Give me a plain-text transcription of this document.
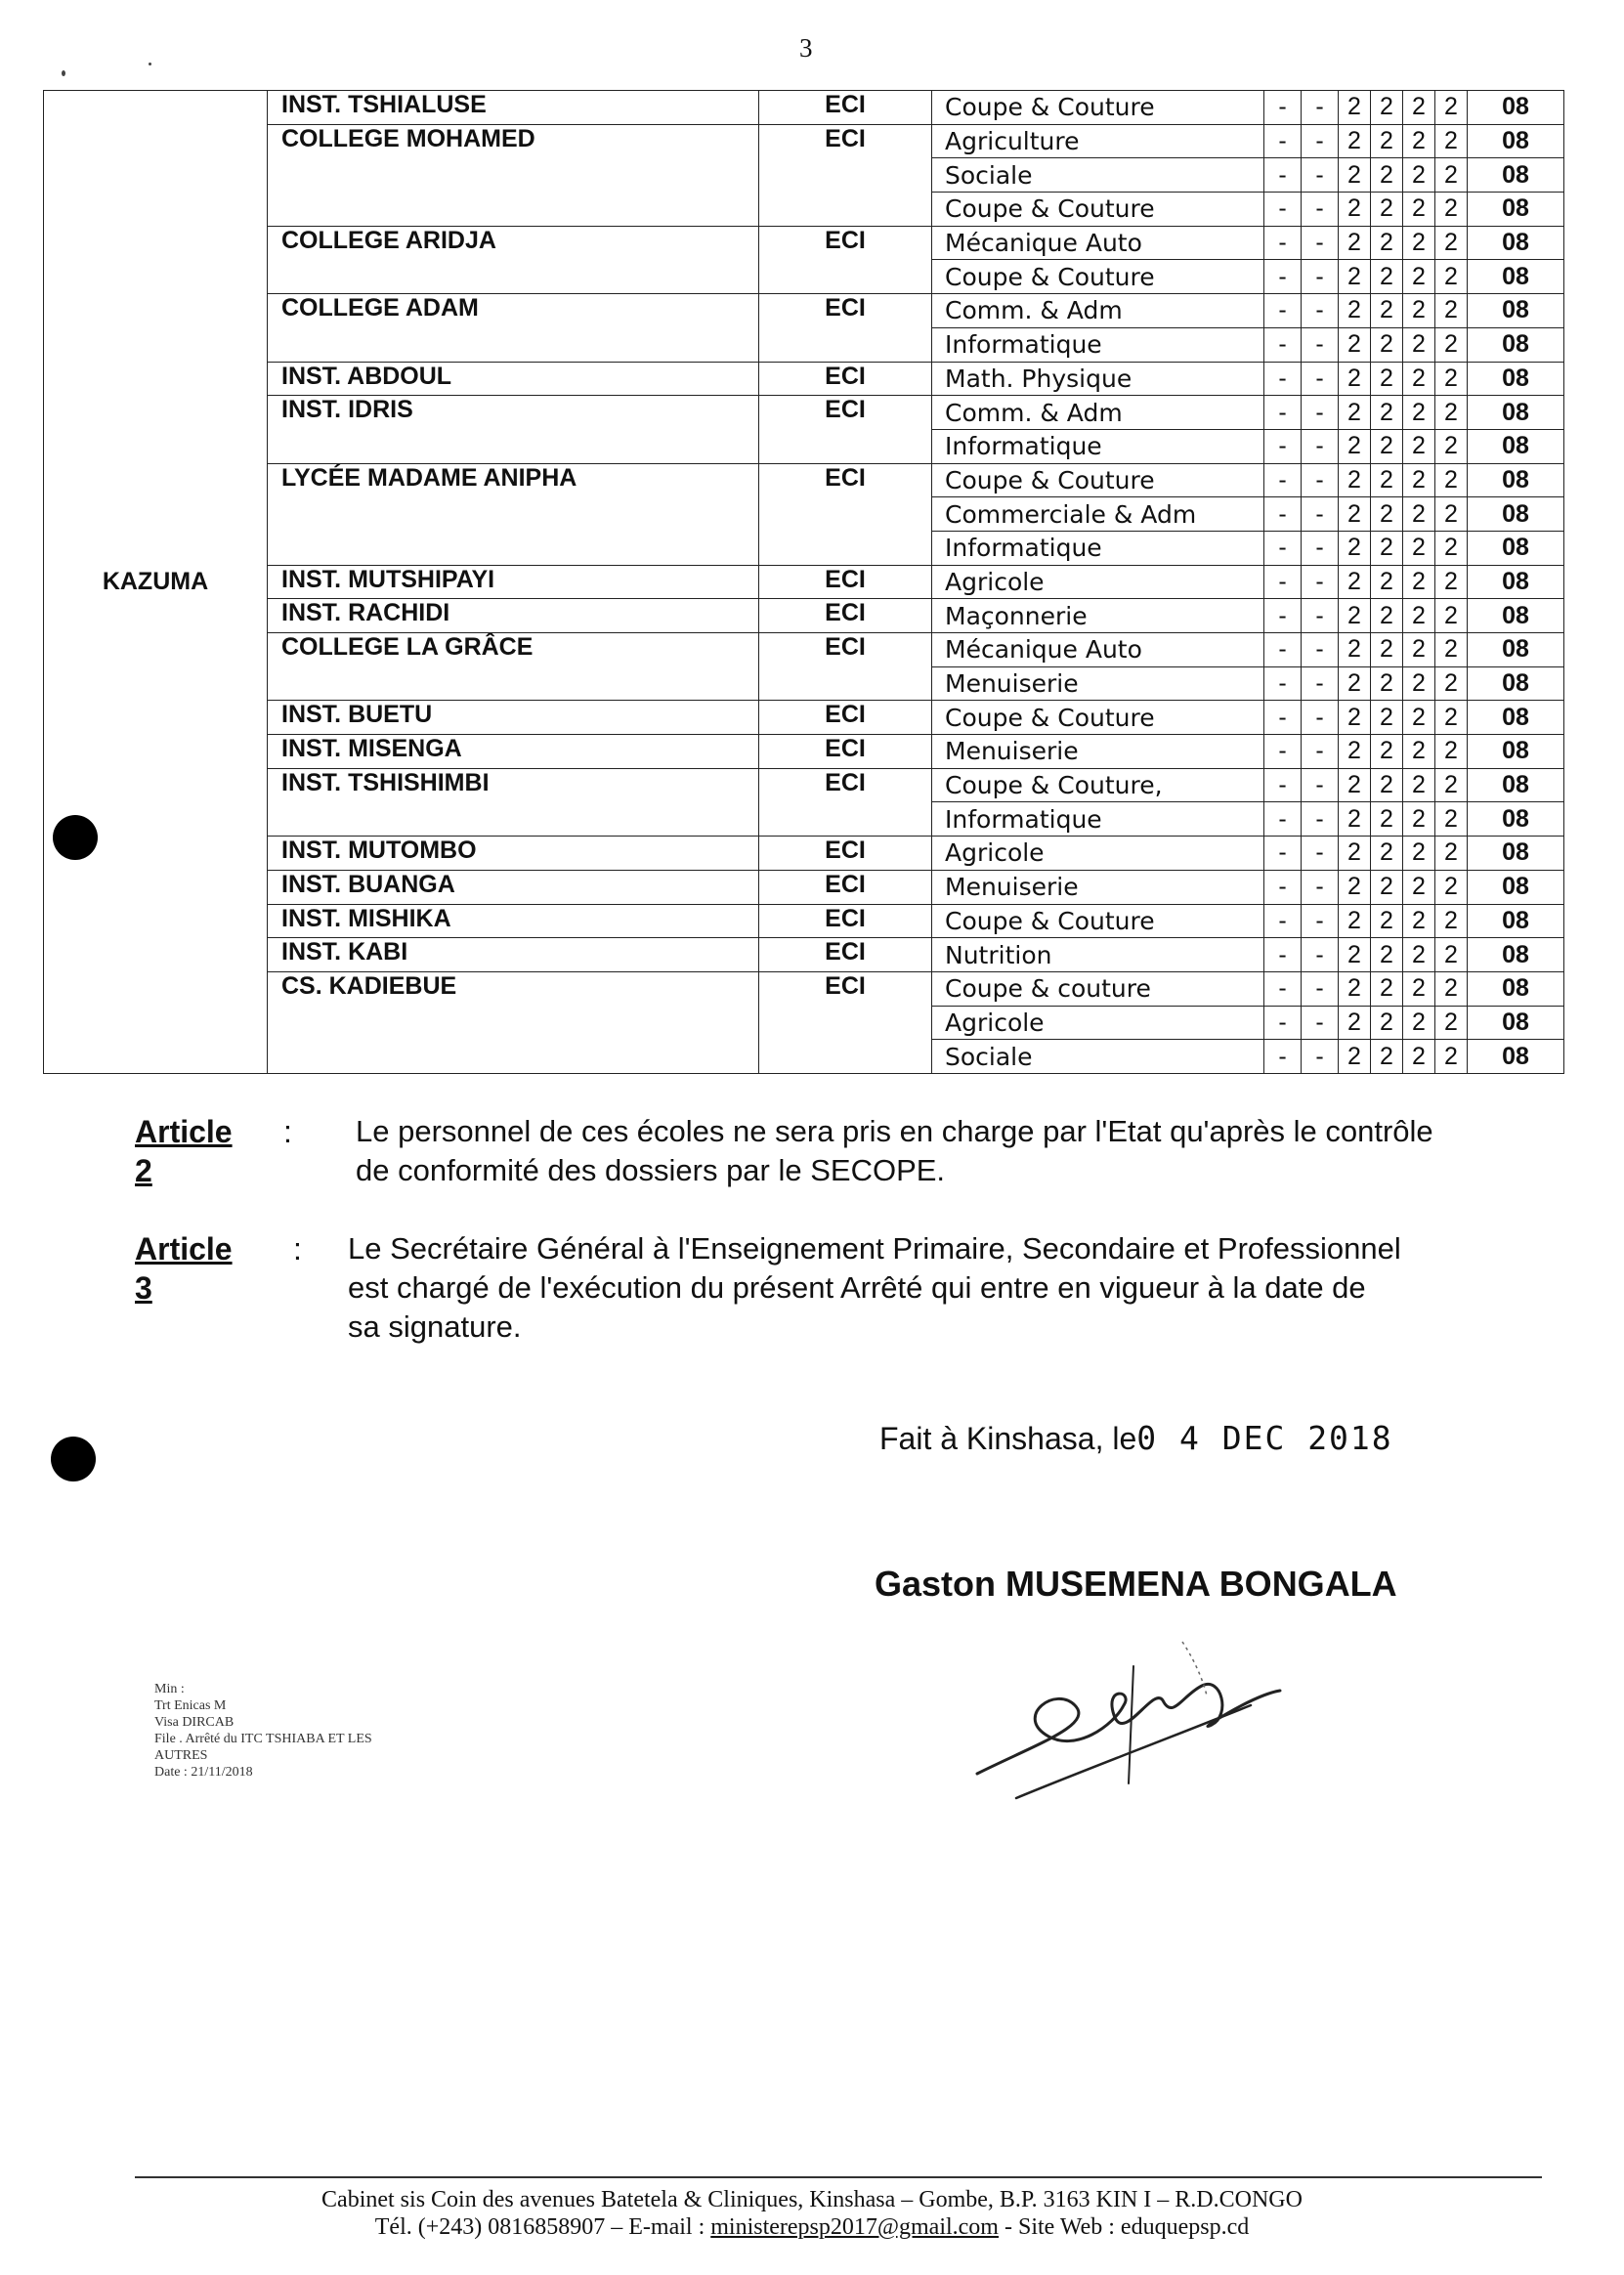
3
KAZUMA	INST. TSHIALUSE	ECI	Coupe & Couture	-	-	2	2	2	2	08
	COLLEGE MOHAMED	ECI	Agriculture	-	-	2	2	2	2	08
			Sociale	-	-	2	2	2	2	08
			Coupe & Couture	-	-	2	2	2	2	08
	COLLEGE ARIDJA	ECI	Mécanique Auto	-	-	2	2	2	2	08
			Coupe & Couture	-	-	2	2	2	2	08
	COLLEGE ADAM	ECI	Comm. & Adm	-	-	2	2	2	2	08
			Informatique	-	-	2	2	2	2	08
	INST. ABDOUL	ECI	Math. Physique	-	-	2	2	2	2	08
	INST. IDRIS	ECI	Comm. & Adm	-	-	2	2	2	2	08
			Informatique	-	-	2	2	2	2	08
	LYCÉE MADAME ANIPHA	ECI	Coupe & Couture	-	-	2	2	2	2	08
			Commerciale & Adm	-	-	2	2	2	2	08
			Informatique	-	-	2	2	2	2	08
	INST. MUTSHIPAYI	ECI	Agricole	-	-	2	2	2	2	08
	INST. RACHIDI	ECI	Maçonnerie	-	-	2	2	2	2	08
	COLLEGE LA GRÂCE	ECI	Mécanique Auto	-	-	2	2	2	2	08
			Menuiserie	-	-	2	2	2	2	08
	INST. BUETU	ECI	Coupe & Couture	-	-	2	2	2	2	08
	INST. MISENGA	ECI	Menuiserie	-	-	2	2	2	2	08
	INST. TSHISHIMBI	ECI	Coupe & Couture,	-	-	2	2	2	2	08
			Informatique	-	-	2	2	2	2	08
	INST. MUTOMBO	ECI	Agricole	-	-	2	2	2	2	08
	INST. BUANGA	ECI	Menuiserie	-	-	2	2	2	2	08
	INST. MISHIKA	ECI	Coupe & Couture	-	-	2	2	2	2	08
	INST. KABI	ECI	Nutrition	-	-	2	2	2	2	08
	CS. KADIEBUE	ECI	Coupe & couture	-	-	2	2	2	2	08
			Agricole	-	-	2	2	2	2	08
			Sociale	-	-	2	2	2	2	08
Article 2
: Le personnel de ces écoles ne sera pris en charge par l'Etat qu'après le contrôle
de conformité des dossiers par le SECOPE.
Article 3
: Le Secrétaire Général à l'Enseignement Primaire, Secondaire et Professionnel
est chargé de l'exécution du présent Arrêté qui entre en vigueur à la date de
sa signature.
Fait à Kinshasa, le0 4 DEC 2018
Gaston MUSEMENA BONGALA
Min :
Trt Enicas M
Visa DIRCAB
File . Arrêté du ITC TSHIABA ET LES
AUTRES
Date : 21/11/2018
Cabinet sis Coin des avenues Batetela & Cliniques, Kinshasa – Gombe, B.P. 3163 KIN I – R.D.CONGO
Tél. (+243) 0816858907 – E-mail : ministerepsp2017@gmail.com - Site Web : eduquepsp.cd
